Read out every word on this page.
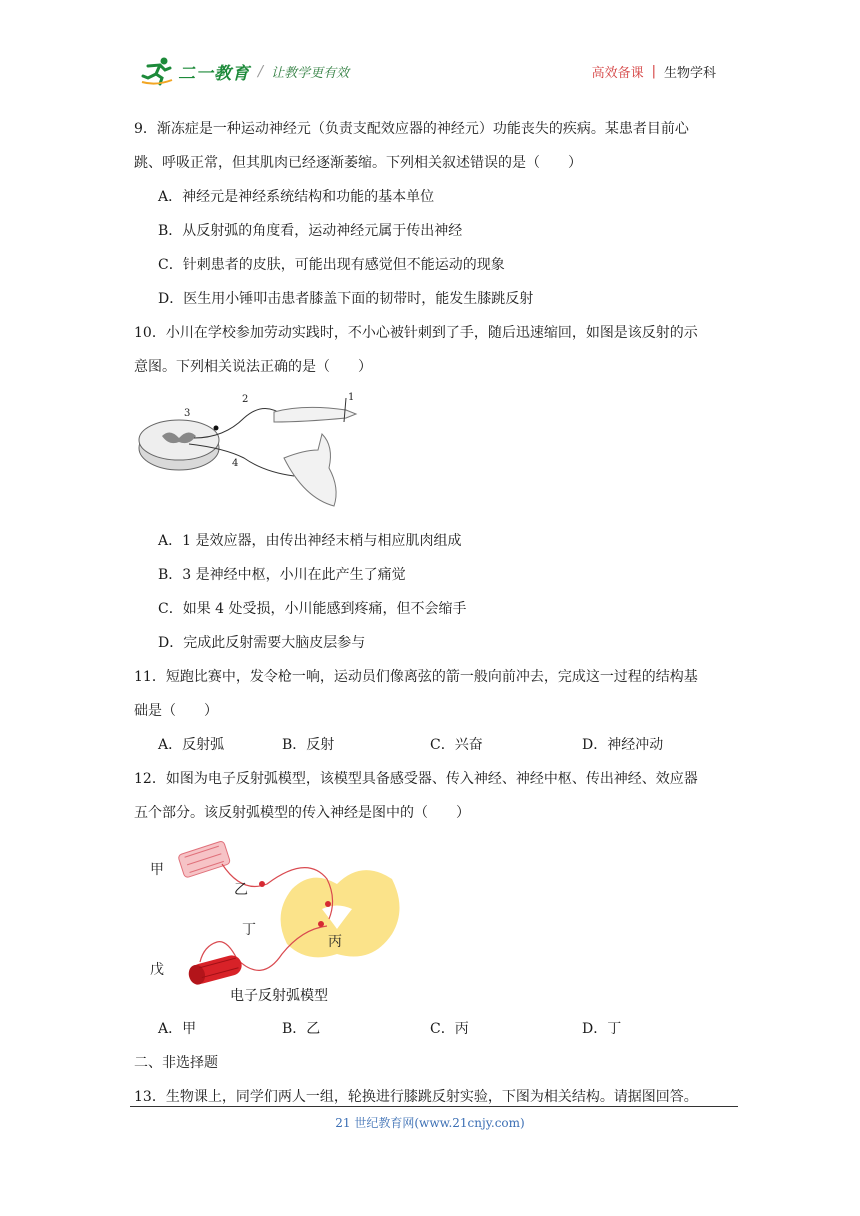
二一教育 / 让教学更有效	高效备课 | 生物学科

9．渐冻症是一种运动神经元（负责支配效应器的神经元）功能丧失的疾病。某患者目前心

跳、呼吸正常，但其肌肉已经逐渐萎缩。下列相关叙述错误的是（　　）

A．神经元是神经系统结构和功能的基本单位

B．从反射弧的角度看，运动神经元属于传出神经

C．针刺患者的皮肤，可能出现有感觉但不能运动的现象

D．医生用小锤叩击患者膝盖下面的韧带时，能发生膝跳反射

10．小川在学校参加劳动实践时，不小心被针刺到了手，随后迅速缩回，如图是该反射的示

意图。下列相关说法正确的是（　　）

1
2
3
4

A．1 是效应器，由传出神经末梢与相应肌肉组成

B．3 是神经中枢，小川在此产生了痛觉

C．如果 4 处受损，小川能感到疼痛，但不会缩手

D．完成此反射需要大脑皮层参与

11．短跑比赛中，发令枪一响，运动员们像离弦的箭一般向前冲去，完成这一过程的结构基

础是（　　）

A．反射弧	B．反射	C．兴奋	D．神经冲动

12．如图为电子反射弧模型，该模型具备感受器、传入神经、神经中枢、传出神经、效应器

五个部分。该反射弧模型的传入神经是图中的（　　）

甲
乙
丙
丁
戊
电子反射弧模型
A．甲	B．乙	C．丙	D．丁

二、非选择题

13．生物课上，同学们两人一组，轮换进行膝跳反射实验，下图为相关结构。请据图回答。

21 世纪教育网(www.21cnjy.com)
